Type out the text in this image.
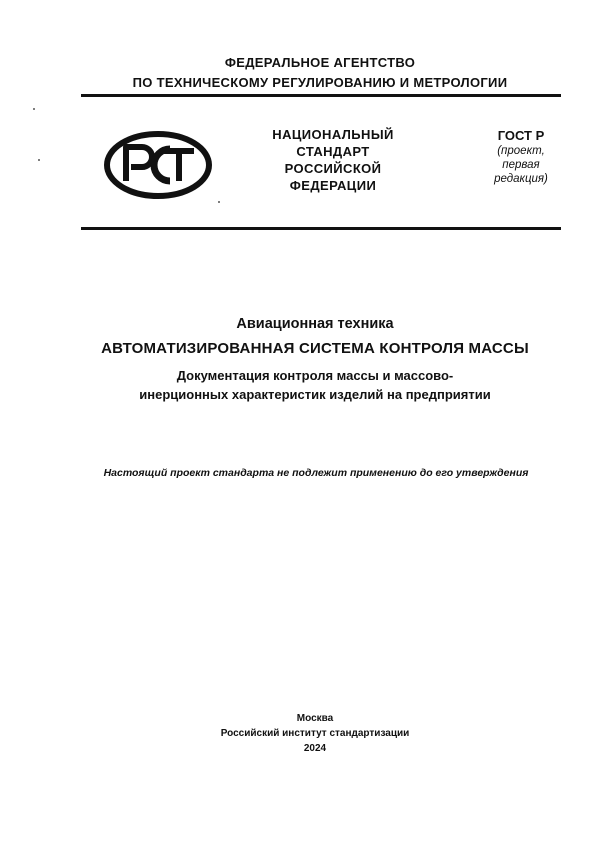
ФЕДЕРАЛЬНОЕ АГЕНТСТВО
ПО ТЕХНИЧЕСКОМУ РЕГУЛИРОВАНИЮ И МЕТРОЛОГИИ
НАЦИОНАЛЬНЫЙ
СТАНДАРТ
РОССИЙСКОЙ
ФЕДЕРАЦИИ
ГОСТ Р
(проект,
первая
редакция)
Авиационная техника
АВТОМАТИЗИРОВАННАЯ СИСТЕМА КОНТРОЛЯ МАССЫ
Документация контроля массы и массово-
инерционных характеристик изделий на предприятии
Настоящий проект стандарта не подлежит применению до его утверждения
Москва
Российский институт стандартизации
2024
